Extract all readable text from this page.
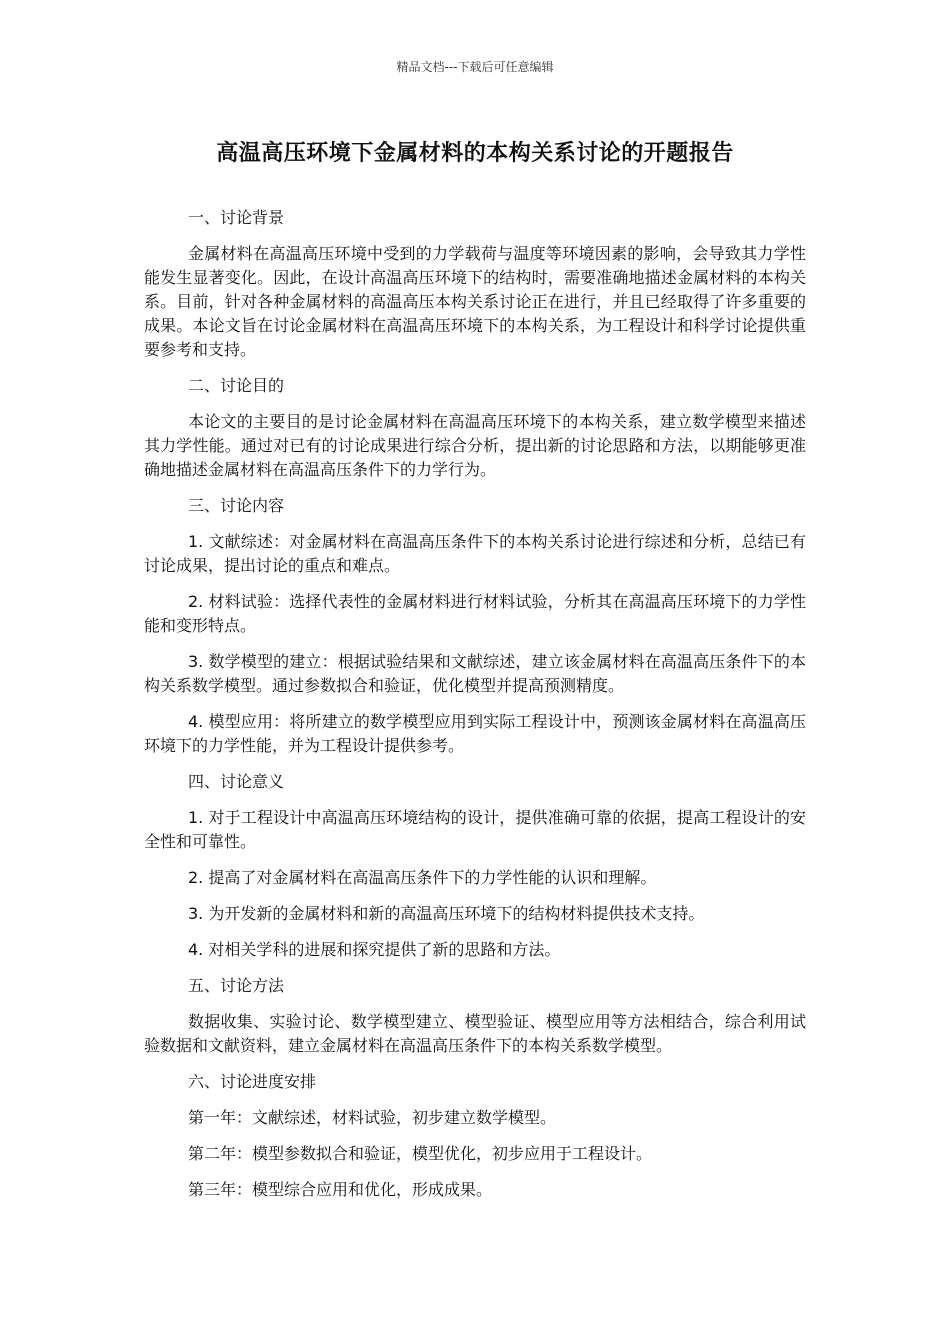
精品文档---下载后可任意编辑
高温高压环境下金属材料的本构关系讨论的开题报告

一、讨论背景

金属材料在高温高压环境中受到的力学载荷与温度等环境因素的影响，会导致其力学性能发生显著变化。因此，在设计高温高压环境下的结构时，需要准确地描述金属材料的本构关系。目前，针对各种金属材料的高温高压本构关系讨论正在进行，并且已经取得了许多重要的成果。本论文旨在讨论金属材料在高温高压环境下的本构关系，为工程设计和科学讨论提供重要参考和支持。

二、讨论目的

本论文的主要目的是讨论金属材料在高温高压环境下的本构关系，建立数学模型来描述其力学性能。通过对已有的讨论成果进行综合分析，提出新的讨论思路和方法，以期能够更准确地描述金属材料在高温高压条件下的力学行为。

三、讨论内容

1. 文献综述：对金属材料在高温高压条件下的本构关系讨论进行综述和分析，总结已有讨论成果，提出讨论的重点和难点。

2. 材料试验：选择代表性的金属材料进行材料试验，分析其在高温高压环境下的力学性能和变形特点。

3. 数学模型的建立：根据试验结果和文献综述，建立该金属材料在高温高压条件下的本构关系数学模型。通过参数拟合和验证，优化模型并提高预测精度。

4. 模型应用：将所建立的数学模型应用到实际工程设计中，预测该金属材料在高温高压环境下的力学性能，并为工程设计提供参考。

四、讨论意义

1. 对于工程设计中高温高压环境结构的设计，提供准确可靠的依据，提高工程设计的安全性和可靠性。

2. 提高了对金属材料在高温高压条件下的力学性能的认识和理解。

3. 为开发新的金属材料和新的高温高压环境下的结构材料提供技术支持。

4. 对相关学科的进展和探究提供了新的思路和方法。

五、讨论方法

数据收集、实验讨论、数学模型建立、模型验证、模型应用等方法相结合，综合利用试验数据和文献资料，建立金属材料在高温高压条件下的本构关系数学模型。

六、讨论进度安排

第一年：文献综述，材料试验，初步建立数学模型。

第二年：模型参数拟合和验证，模型优化，初步应用于工程设计。

第三年：模型综合应用和优化，形成成果。
